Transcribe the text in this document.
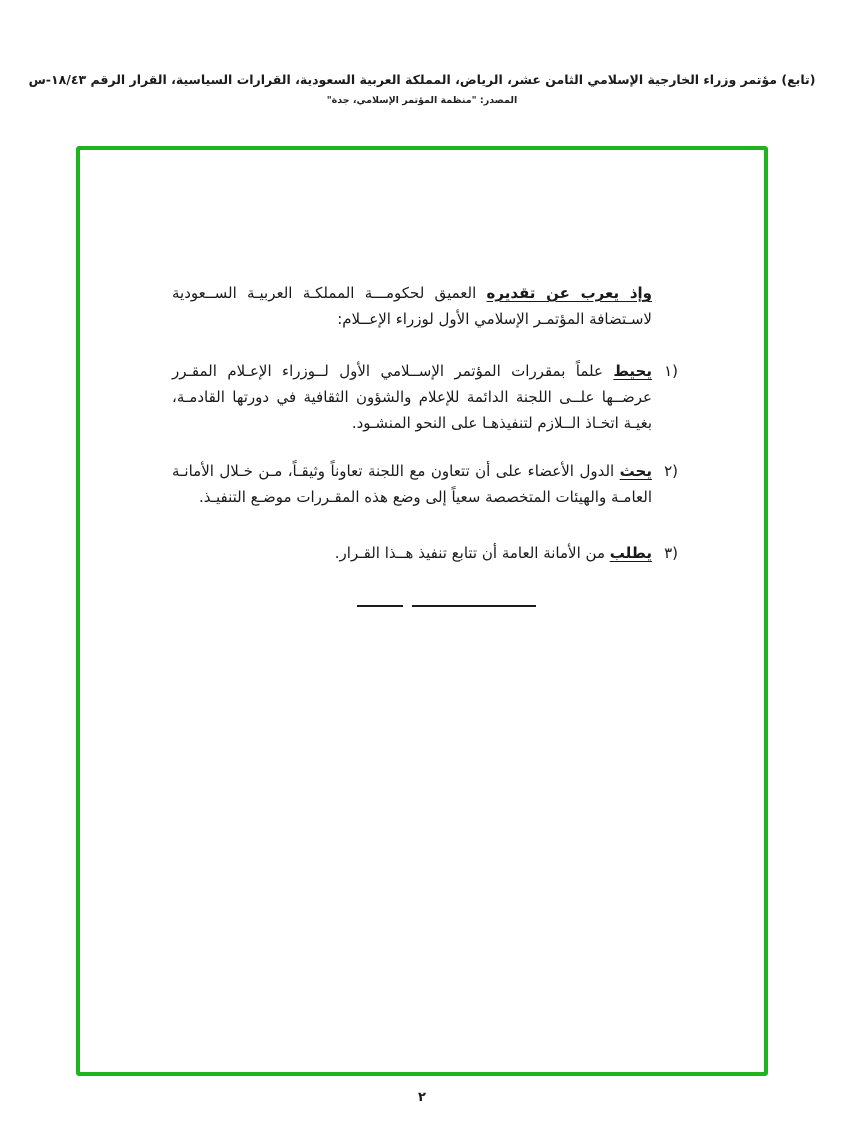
(تابع) مؤتمر وزراء الخارجية الإسلامي الثامن عشر، الرياض، المملكة العربية السعودية، القرارات السياسية، القرار الرقم ١٨/٤٣-س
المصدر: "منظمة المؤتمر الإسلامي، جدة"

وإذ يعرب عن تقديره العميق لحكومـــة المملكـة العربيـة الســعودية لاسـتضافة المؤتمـر الإسلامي الأول لوزراء الإعــلام:

١)

يحيط علماً بمقررات المؤتمر الإســلامي الأول لــوزراء الإعـلام المقـرر عرضــها علــى اللجنة الدائمة للإعلام والشؤون الثقافية في دورتها القادمـة، بغيـة اتخـاذ الــلازم لتنفيذهـا على النحو المنشـود.

٢)

يحث الدول الأعضاء على أن تتعاون مع اللجنة تعاوناً وثيقـاً، مـن خـلال الأمانـة العامـة والهيئات المتخصصة سعياً إلى وضع هذه المقـررات موضـع التنفيـذ.

٣)

يطلب من الأمانة العامة أن تتابع تنفيذ هــذا القـرار.

٢
